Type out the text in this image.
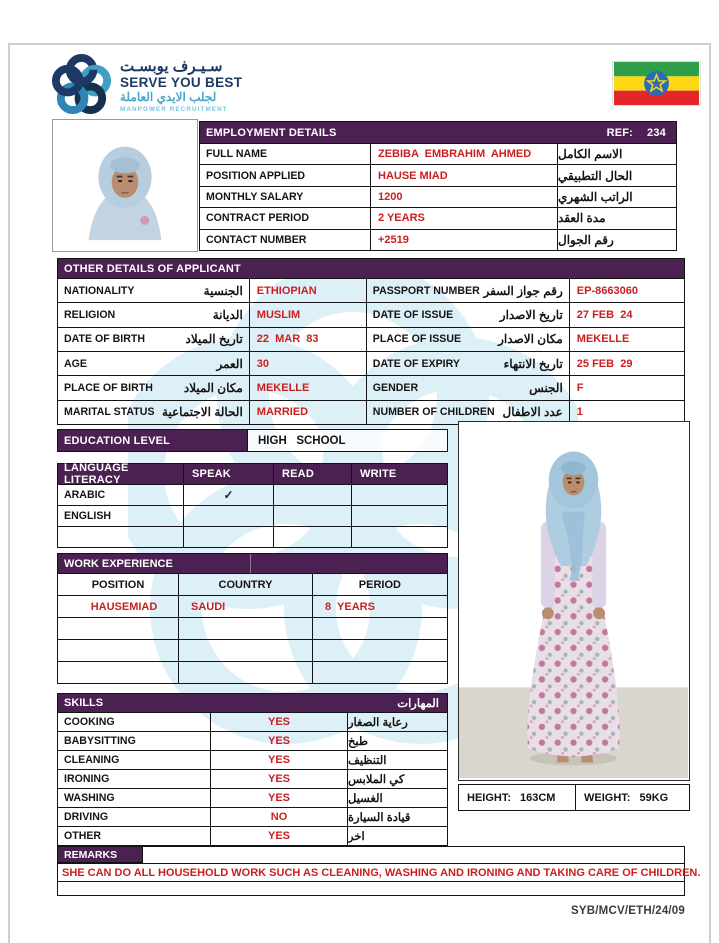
سـيـرف يوبسـت
SERVE YOU BEST
لجلب الايدي العاملة
MANPOWER RECRUITMENT
EMPLOYMENT DETAILS	REF: 234
FULL NAME	ZEBIBA  EMBRAHIM  AHMED	الاسم الكامل
POSITION APPLIED	HAUSE MIAD	الحال التطبيقي
MONTHLY SALARY	1200	الراتب الشهري
CONTRACT PERIOD	2 YEARS	مدة العقد
CONTACT NUMBER	+2519	رقم الجوال
OTHER DETAILS OF APPLICANT
NATIONALITY	الجنسية	ETHIOPIAN	PASSPORT NUMBER رقم جواز السفر	EP-8663060
RELIGION	الديانة	MUSLIM	DATE OF ISSUE	تاريخ الاصدار	27 FEB  24
DATE OF BIRTH	تاريخ الميلاد	22  MAR  83	PLACE OF ISSUE	مكان الاصدار	MEKELLE
AGE	العمر	30	DATE OF EXPIRY	تاريخ الانتهاء	25 FEB  29
PLACE OF BIRTH	مكان الميلاد	MEKELLE	GENDER	الجنس	F
MARITAL STATUS الحالة الاجتماعية	MARRIED	NUMBER OF CHILDREN عدد الاطفال	1
EDUCATION LEVEL	HIGH   SCHOOL
LANGUAGE LITERACY	SPEAK	READ	WRITE
ARABIC	✓
ENGLISH
WORK EXPERIENCE
POSITION	COUNTRY	PERIOD
HAUSEMIAD	SAUDI	8  YEARS
SKILLS	المهارات
COOKING	YES	رعاية الصغار
BABYSITTING	YES	طبخ
CLEANING	YES	التنظيف
IRONING	YES	كي الملابس
WASHING	YES	الغسيل
DRIVING	NO	قيادة السيارة
OTHER	YES	اخر
HEIGHT: 163CM	WEIGHT: 59KG
REMARKS
SHE CAN DO ALL HOUSEHOLD WORK SUCH AS CLEANING, WASHING AND IRONING AND TAKING CARE OF CHILDREN.
SYB/MCV/ETH/24/09
